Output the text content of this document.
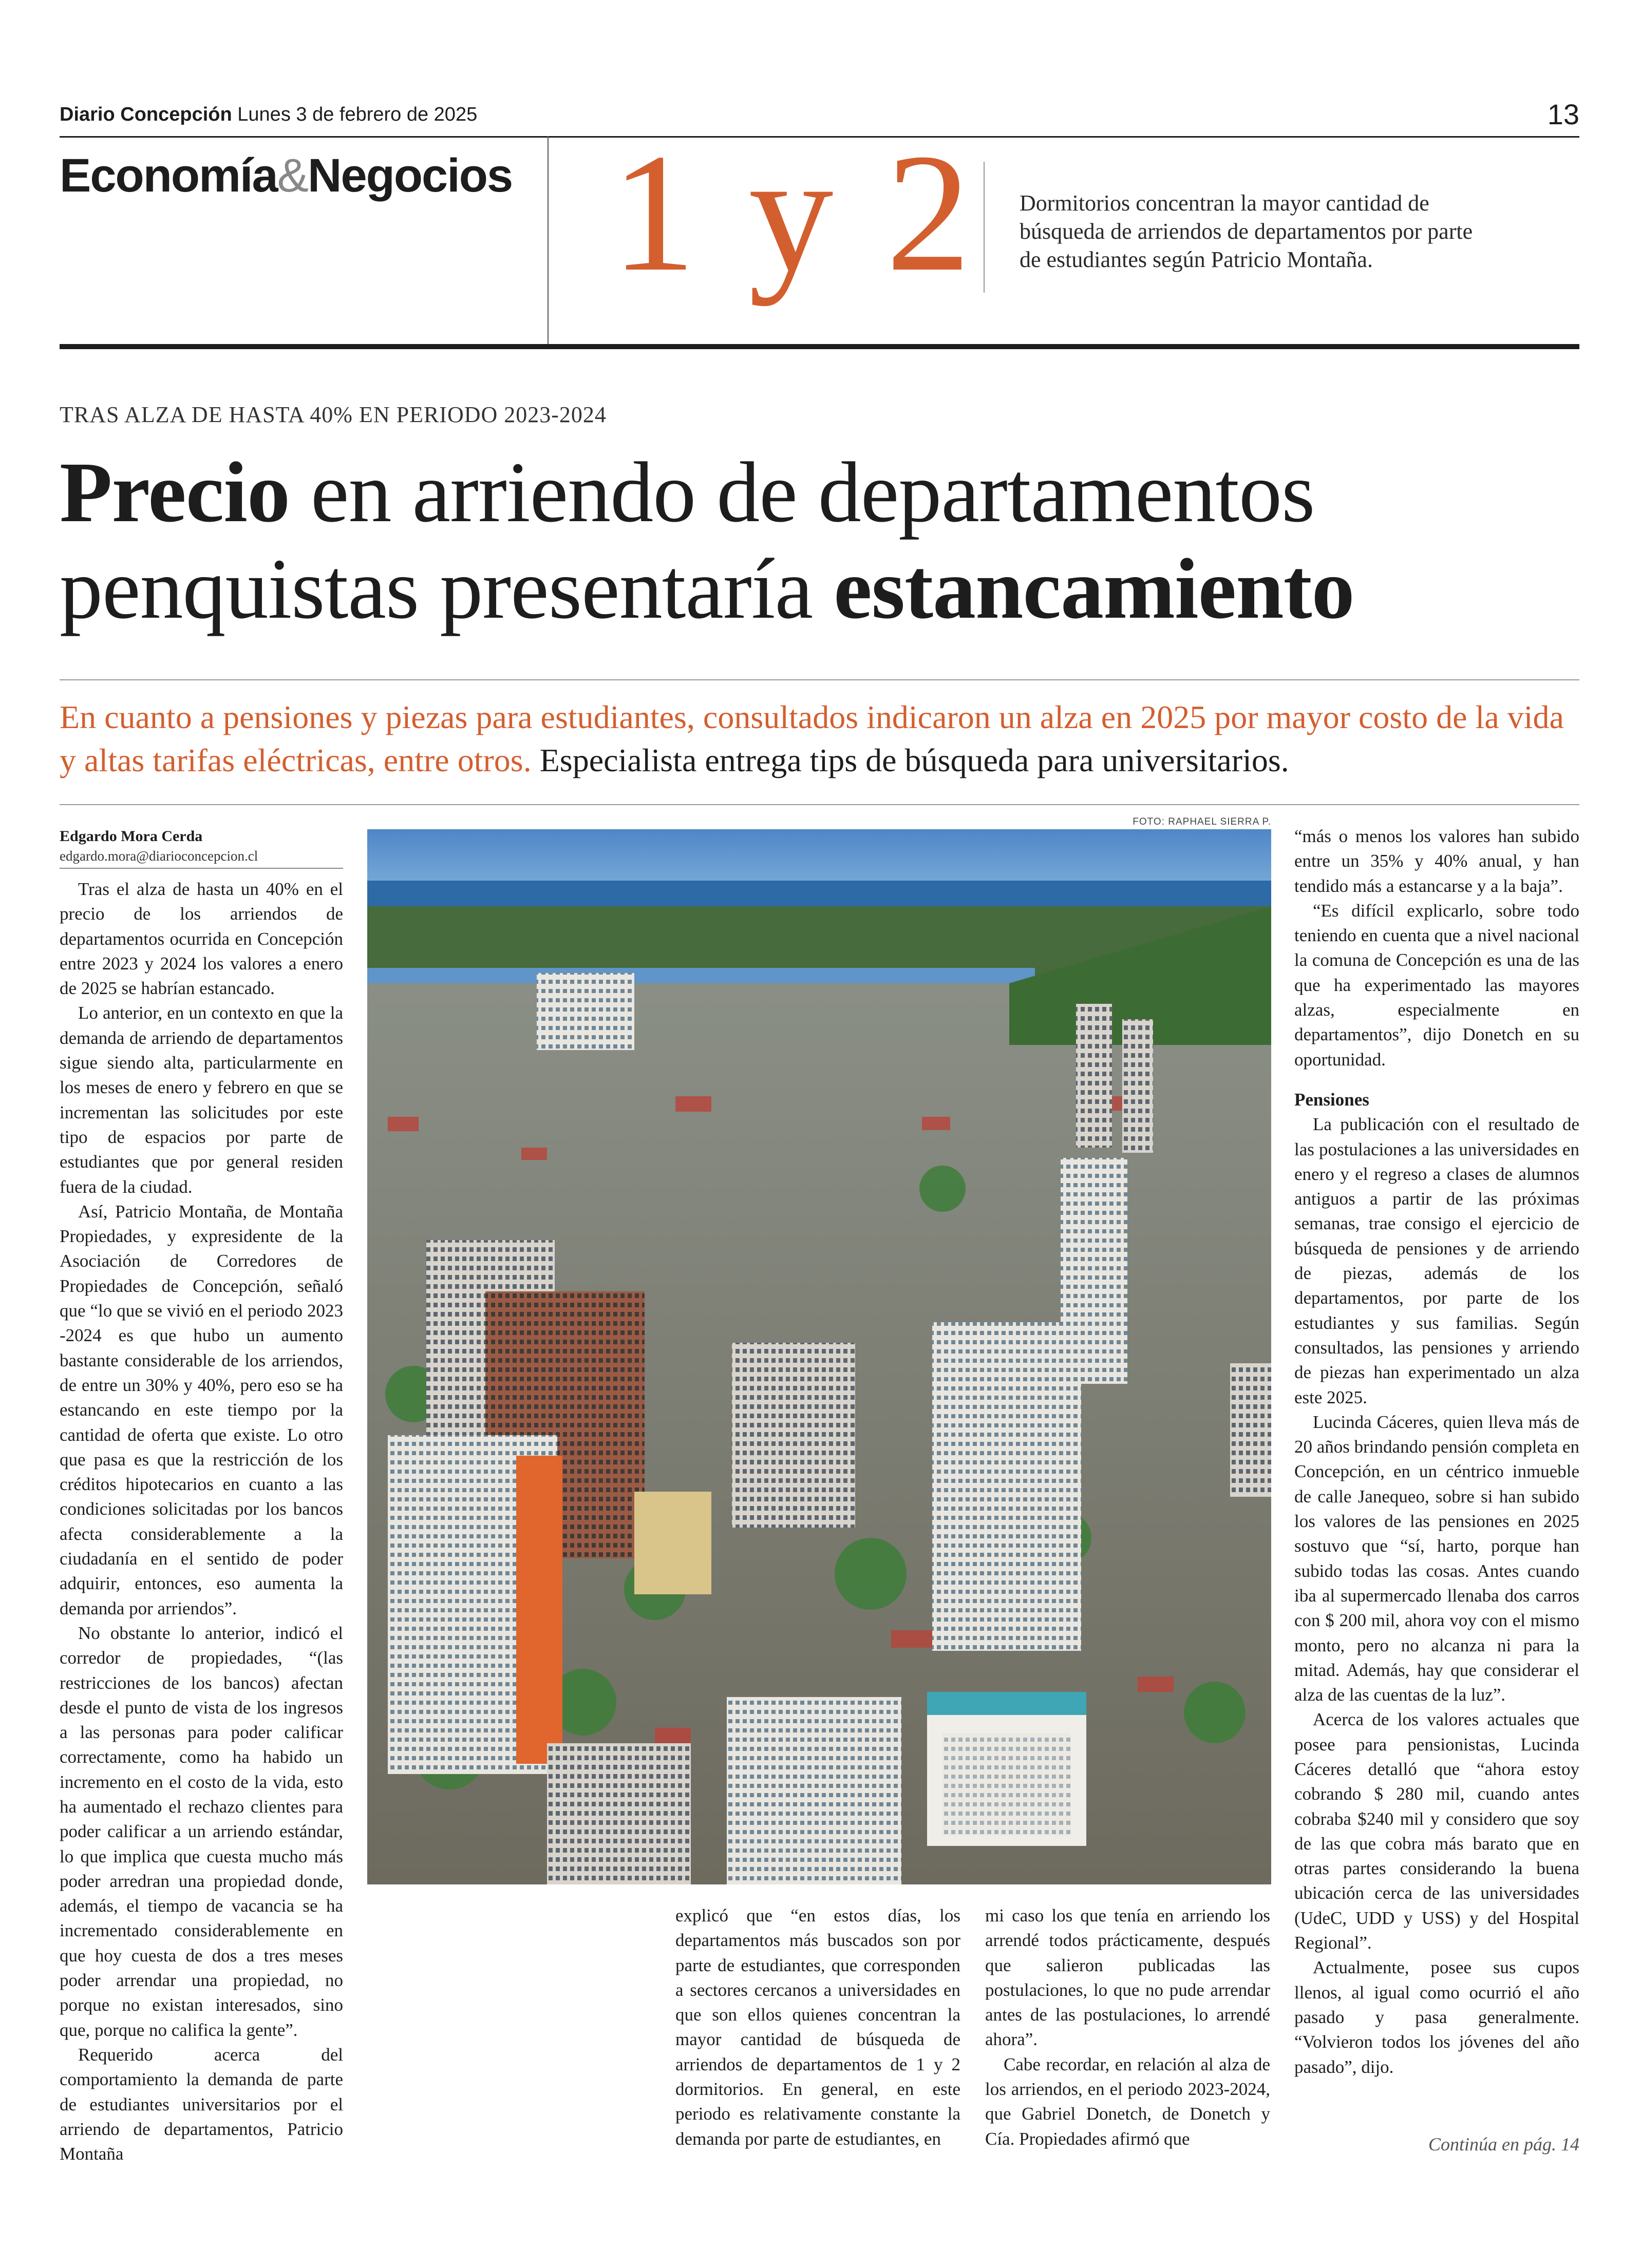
Diario Concepción Lunes 3 de febrero de 2025	13
Economía&Negocios 1 y 2 Dormitorios concentran la mayor cantidad de búsqueda de arriendos de departamentos por parte de estudiantes según Patricio Montaña.
TRAS ALZA DE HASTA 40% EN PERIODO 2023-2024
Precio en arriendo de departamentos penquistas presentaría estancamiento
En cuanto a pensiones y piezas para estudiantes, consultados indicaron un alza en 2025 por mayor costo de la vida y altas tarifas eléctricas, entre otros. Especialista entrega tips de búsqueda para universitarios.
Edgardo Mora Cerda
edgardo.mora@diarioconcepcion.cl

Tras el alza de hasta un 40% en el precio de los arriendos de departamentos ocurrida en Concepción entre 2023 y 2024 los valores a enero de 2025 se habrían estancado.

Lo anterior, en un contexto en que la demanda de arriendo de departamentos sigue siendo alta, particularmente en los meses de enero y febrero en que se incrementan las solicitudes por este tipo de espacios por parte de estudiantes que por general residen fuera de la ciudad.

Así, Patricio Montaña, de Montaña Propiedades, y expresidente de la Asociación de Corredores de Propiedades de Concepción, señaló que “lo que se vivió en el periodo 2023 -2024 es que hubo un aumento bastante considerable de los arriendos, de entre un 30% y 40%, pero eso se ha estancando en este tiempo por la cantidad de oferta que existe. Lo otro que pasa es que la restricción de los créditos hipotecarios en cuanto a las condiciones solicitadas por los bancos afecta considerablemente a la ciudadanía en el sentido de poder adquirir, entonces, eso aumenta la demanda por arriendos”.

No obstante lo anterior, indicó el corredor de propiedades, “(las restricciones de los bancos) afectan desde el punto de vista de los ingresos a las personas para poder calificar correctamente, como ha habido un incremento en el costo de la vida, esto ha aumentado el rechazo clientes para poder calificar a un arriendo estándar, lo que implica que cuesta mucho más poder arredran una propiedad donde, además, el tiempo de vacancia se ha incrementado considerablemente en que hoy cuesta de dos a tres meses poder arrendar una propiedad, no porque no existan interesados, sino que, porque no califica la gente”.

Requerido acerca del comportamiento la demanda de parte de estudiantes universitarios por el arriendo de departamentos, Patricio Montaña

explicó que “en estos días, los departamentos más buscados son por parte de estudiantes, que corresponden a sectores cercanos a universidades en que son ellos quienes concentran la mayor cantidad de búsqueda de arriendos de departamentos de 1 y 2 dormitorios. En general, en este periodo es relativamente constante la demanda por parte de estudiantes, en

mi caso los que tenía en arriendo los arrendé todos prácticamente, después que salieron publicadas las postulaciones, lo que no pude arrendar antes de las postulaciones, lo arrendé ahora”.

Cabe recordar, en relación al alza de los arriendos, en el periodo 2023-2024, que Gabriel Donetch, de Donetch y Cía. Propiedades afirmó que

“más o menos los valores han subido entre un 35% y 40% anual, y han tendido más a estancarse y a la baja”.

“Es difícil explicarlo, sobre todo teniendo en cuenta que a nivel nacional la comuna de Concepción es una de las que ha experimentado las mayores alzas, especialmente en departamentos”, dijo Donetch en su oportunidad.

Pensiones

La publicación con el resultado de las postulaciones a las universidades en enero y el regreso a clases de alumnos antiguos a partir de las próximas semanas, trae consigo el ejercicio de búsqueda de pensiones y de arriendo de piezas, además de los departamentos, por parte de los estudiantes y sus familias. Según consultados, las pensiones y arriendo de piezas han experimentado un alza este 2025.

Lucinda Cáceres, quien lleva más de 20 años brindando pensión completa en Concepción, en un céntrico inmueble de calle Janequeo, sobre si han subido los valores de las pensiones en 2025 sostuvo que “sí, harto, porque han subido todas las cosas. Antes cuando iba al supermercado llenaba dos carros con $ 200 mil, ahora voy con el mismo monto, pero no alcanza ni para la mitad. Además, hay que considerar el alza de las cuentas de la luz”.

Acerca de los valores actuales que posee para pensionistas, Lucinda Cáceres detalló que “ahora estoy cobrando $ 280 mil, cuando antes cobraba $240 mil y considero que soy de las que cobra más barato que en otras partes considerando la buena ubicación cerca de las universidades (UdeC, UDD y USS) y del Hospital Regional”.

Actualmente, posee sus cupos llenos, al igual como ocurrió el año pasado y pasa generalmente. “Volvieron todos los jóvenes del año pasado”, dijo.

Continúa en pág. 14
FOTO: RAPHAEL SIERRA P.
